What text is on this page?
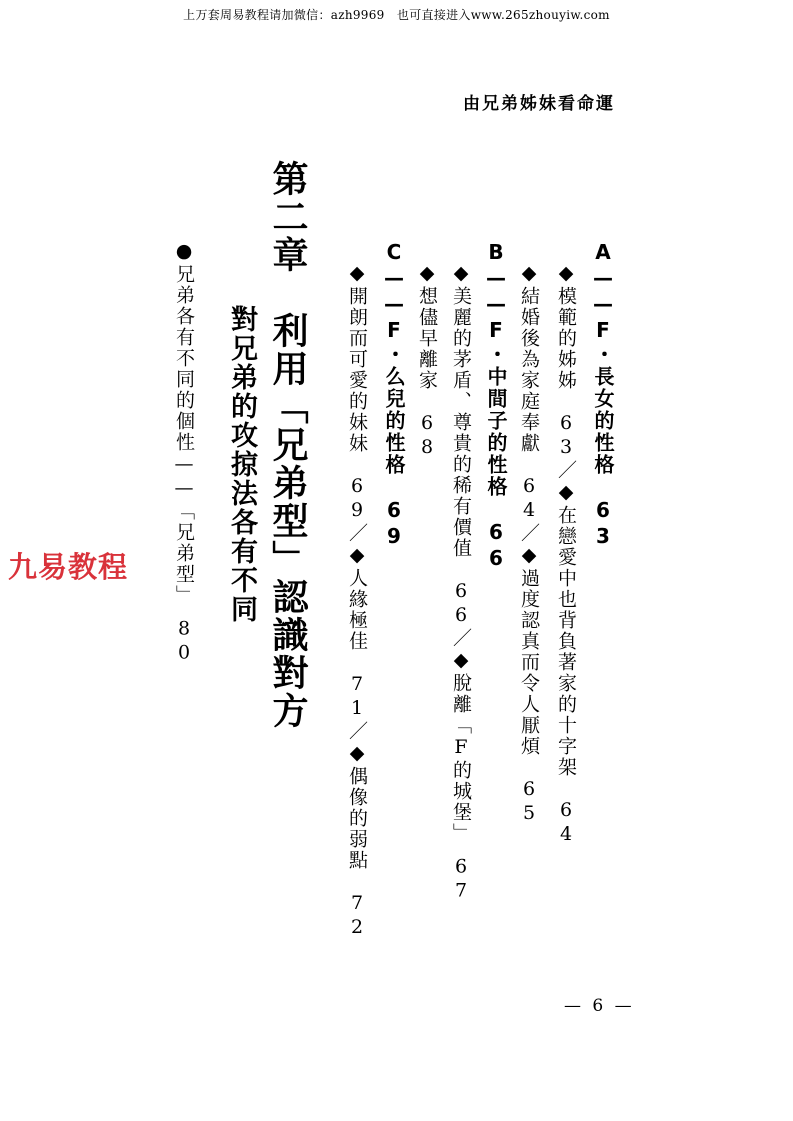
上万套周易教程请加微信：azh9969　也可直接进入www.265zhouyiw.com
由兄弟姊妹看命運
第二章　利用「兄弟型」認識對方
對兄弟的攻掠法各有不同	A——F・長女的性格　63
◆模範的姊姊　63／◆在戀愛中也背負著家的十字架　64
◆結婚後為家庭奉獻　64／◆過度認真而令人厭煩　65
B——F・中間子的性格　66
◆美麗的茅盾、尊貴的稀有價值　66／◆脫離「F的城堡」　67
◆想儘早離家　68
C——F・么兒的性格　69
◆開朗而可愛的妹妹　69／◆人緣極佳　71／◆偶像的弱點　72
●兄弟各有不同的個性——「兄弟型」　80
九易教程
— 6 —
